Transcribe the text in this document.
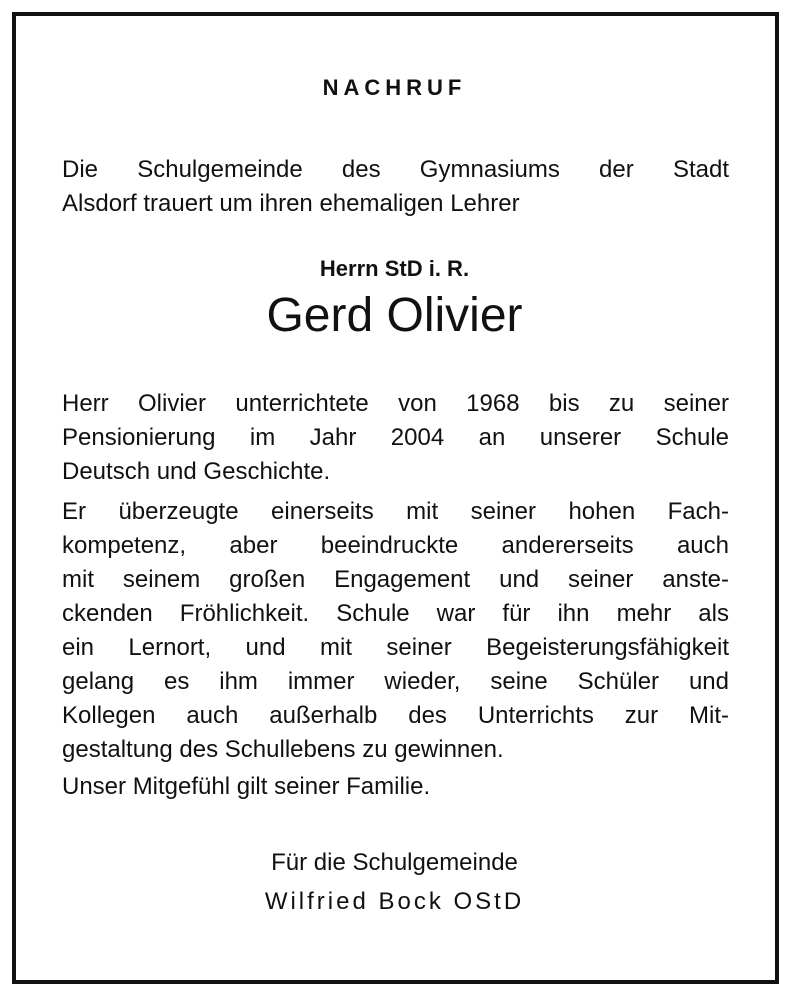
NACHRUF
Die Schulgemeinde des Gymnasiums der Stadt
Alsdorf trauert um ihren ehemaligen Lehrer
Herrn StD i. R.
Gerd Olivier
Herr Olivier unterrichtete von 1968 bis zu seiner
Pensionierung im Jahr 2004 an unserer Schule
Deutsch und Geschichte.
Er überzeugte einerseits mit seiner hohen Fach-
kompetenz, aber beeindruckte andererseits auch
mit seinem großen Engagement und seiner anste-
ckenden Fröhlichkeit. Schule war für ihn mehr als
ein Lernort, und mit seiner Begeisterungsfähigkeit
gelang es ihm immer wieder, seine Schüler und
Kollegen auch außerhalb des Unterrichts zur Mit-
gestaltung des Schullebens zu gewinnen.
Unser Mitgefühl gilt seiner Familie.
Für die Schulgemeinde
Wilfried Bock OStD
